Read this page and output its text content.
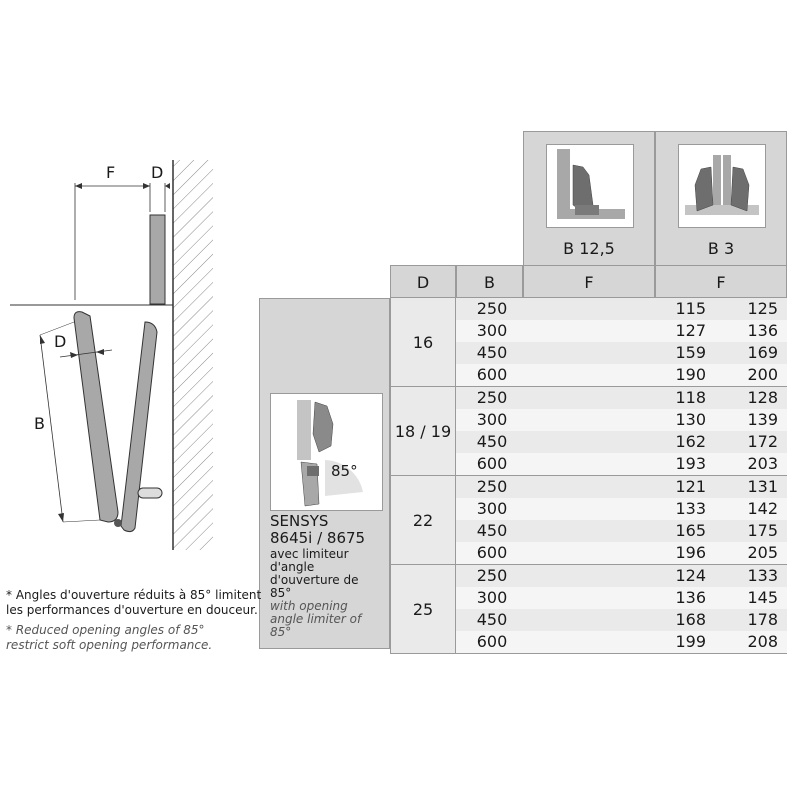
F D
D
B
B 12,5	B 3
D	B	F	F
85°
SENSYS
8645i / 8675
avec limiteur d'angle d'ouverture de 85°
with opening angle limiter of 85°
16
250	115	125
300	127	136
450	159	169
600	190	200
18 / 19
250	118	128
300	130	139
450	162	172
600	193	203
22
250	121	131
300	133	142
450	165	175
600	196	205
25
250	124	133
300	136	145
450	168	178
600	199	208
* Angles d'ouverture réduits à 85° limitent
les performances d'ouverture en douceur.
* Reduced opening angles of 85°
restrict soft opening performance.
